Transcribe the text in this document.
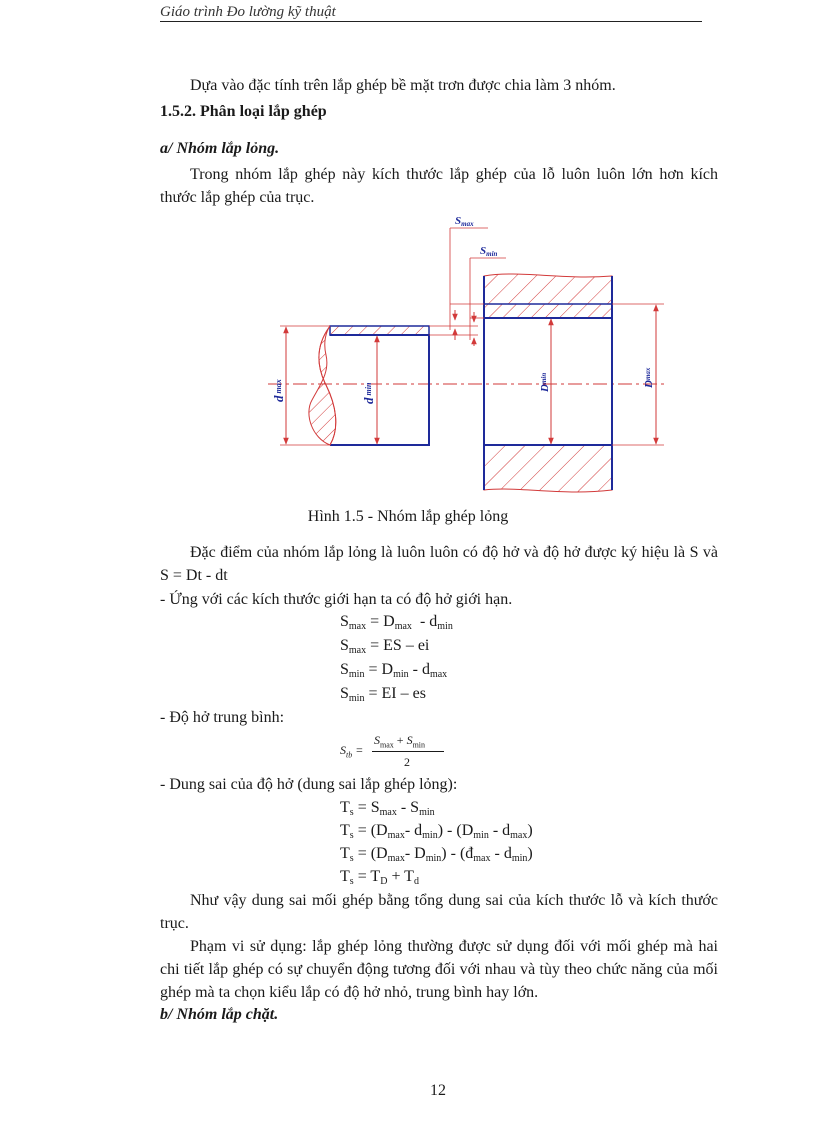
Giáo trình Đo lường kỹ thuật

Dựa vào đặc tính trên lắp ghép bề mặt trơn được chia làm 3 nhóm.

1.5.2. Phân loại lắp ghép

a/ Nhóm lắp lỏng.

Trong nhóm lắp ghép này kích thước lắp ghép của lỗ luôn luôn lớn hơn kích thước lắp ghép của trục.

Smax
Smin
d max
d min	Dmin	Dmax
Hình 1.5 - Nhóm lắp ghép lỏng

Đặc điểm của nhóm lắp lỏng là luôn luôn có độ hở và độ hở được ký hiệu là S và S = Dt - dt

- Ứng với các kích thước giới hạn ta có độ hở giới hạn.

$S_{max} = D_{max} - d_{min}$
$S_{max}$ = ES – ei
$S_{min} = D_{min} - d_{max}$
$S_{min}$ = EI – es

- Độ hở trung bình:

$S_{tb}$ =
$S_{max} + S_{min}$
2

- Dung sai của độ hở (dung sai lắp ghép lỏng):

$T_s = S_{max} - S_{min}$
$T_s = (D_{max}-$ $d_{min}) - (D_{min} - d_{max})$
$T_s = (D_{max}-$ $D_{min}$) - $(đ_{max} - d_{min})$
$T_s = T_D + T_d$

Như vậy dung sai mối ghép bằng tổng dung sai của kích thước lỗ và kích thước trục.

Phạm vi sử dụng: lắp ghép lỏng thường được sử dụng đối với mối ghép mà hai chi tiết lắp ghép có sự chuyển động tương đối với nhau và tùy theo chức năng của mối ghép mà ta chọn kiểu lắp có độ hở nhỏ, trung bình hay lớn.

b/ Nhóm lắp chặt.

12
